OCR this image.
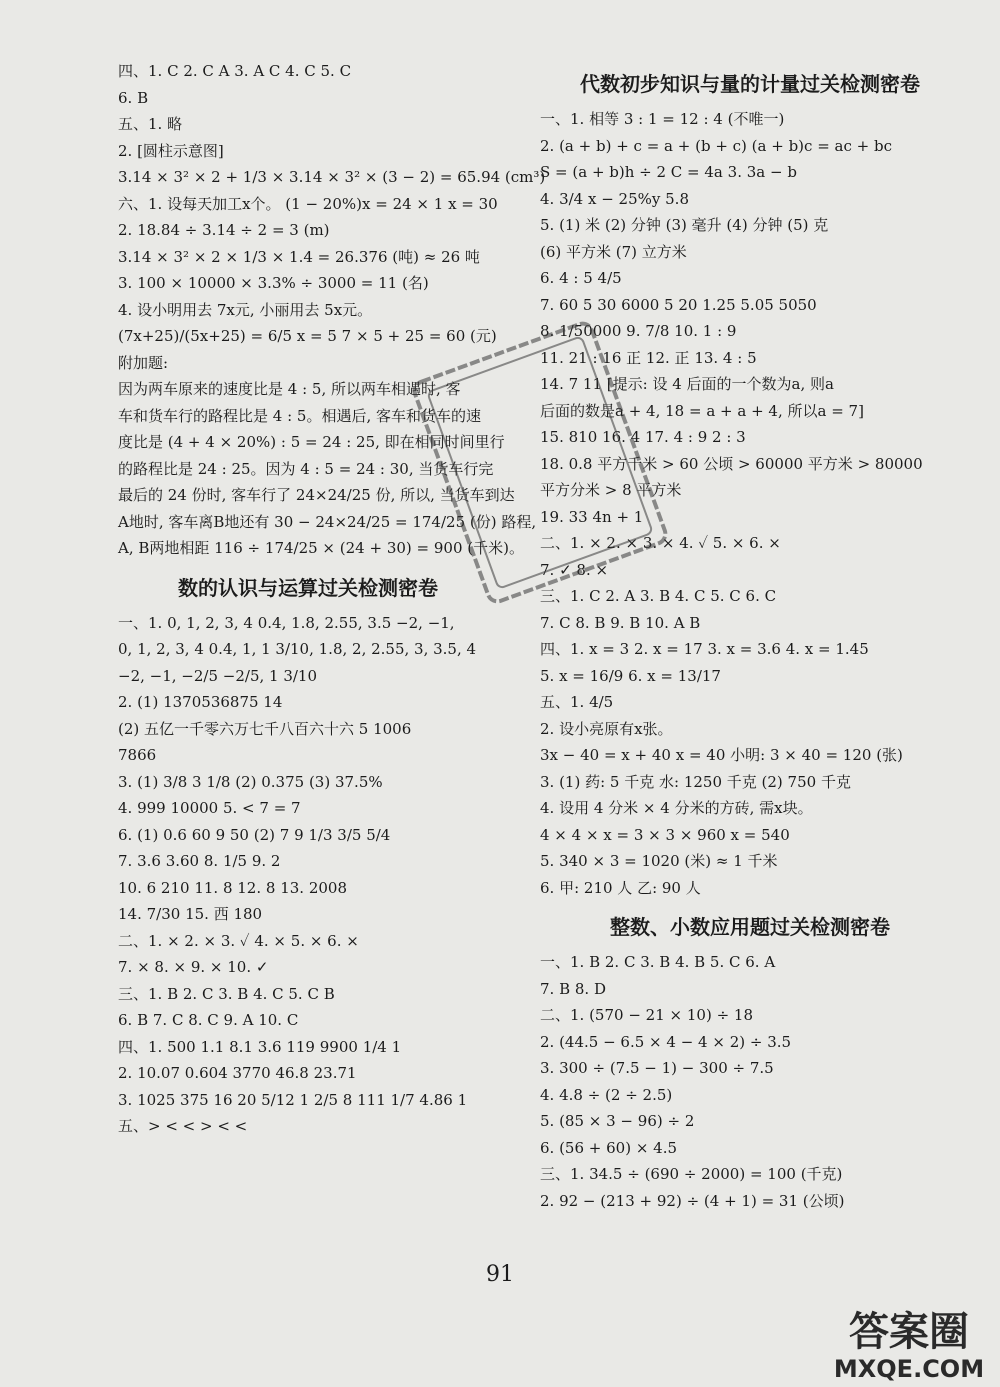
四、1. C 2. C A 3. A C 4. C 5. C
6. B
五、1. 略
2. [圆柱示意图]
3.14 × 3² × 2 + 1/3 × 3.14 × 3² × (3 − 2) = 65.94 (cm³)
六、1. 设每天加工x个。 (1 − 20%)x = 24 × 1 x = 30
2. 18.84 ÷ 3.14 ÷ 2 = 3 (m)
3.14 × 3² × 2 × 1/3 × 1.4 = 26.376 (吨) ≈ 26 吨
3. 100 × 10000 × 3.3% ÷ 3000 = 11 (名)
4. 设小明用去 7x元, 小丽用去 5x元。
(7x+25)/(5x+25) = 6/5 x = 5 7 × 5 + 25 = 60 (元)
附加题:
因为两车原来的速度比是 4 : 5, 所以两车相遇时, 客
车和货车行的路程比是 4 : 5。相遇后, 客车和货车的速
度比是 (4 + 4 × 20%) : 5 = 24 : 25, 即在相同时间里行
的路程比是 24 : 25。因为 4 : 5 = 24 : 30, 当货车行完
最后的 24 份时, 客车行了 24×24/25 份, 所以, 当货车到达
A地时, 客车离B地还有 30 − 24×24/25 = 174/25 (份) 路程,
A, B两地相距 116 ÷ 174/25 × (24 + 30) = 900 (千米)。
数的认识与运算过关检测密卷
一、1. 0, 1, 2, 3, 4 0.4, 1.8, 2.55, 3.5 −2, −1,
0, 1, 2, 3, 4 0.4, 1, 1 3/10, 1.8, 2, 2.55, 3, 3.5, 4
−2, −1, −2/5 −2/5, 1 3/10
2. (1) 1370536875 14
(2) 五亿一千零六万七千八百六十六 5 1006
7866
3. (1) 3/8 3 1/8 (2) 0.375 (3) 37.5%
4. 999 10000 5. < 7 = 7
6. (1) 0.6 60 9 50 (2) 7 9 1/3 3/5 5/4
7. 3.6 3.60 8. 1/5 9. 2
10. 6 210 11. 8 12. 8 13. 2008
14. 7/30 15. 西 180
二、1. × 2. × 3. ✓ 4. × 5. × 6. ×
7. × 8. × 9. × 10. ✓
三、1. B 2. C 3. B 4. C 5. C B
6. B 7. C 8. C 9. A 10. C
四、1. 500 1.1 8.1 3.6 119 9900 1/4 1
2. 10.07 0.604 3770 46.8 23.71
3. 1025 375 16 20 5/12 1 2/5 8 111 1/7 4.86 1
五、> < < > < <
代数初步知识与量的计量过关检测密卷
一、1. 相等 3 : 1 = 12 : 4 (不唯一)
2. (a + b) + c = a + (b + c) (a + b)c = ac + bc
S = (a + b)h ÷ 2 C = 4a 3. 3a − b
4. 3/4 x − 25%y 5.8
5. (1) 米 (2) 分钟 (3) 毫升 (4) 分钟 (5) 克
(6) 平方米 (7) 立方米
6. 4 : 5 4/5
7. 60 5 30 6000 5 20 1.25 5.05 5050
8. 1/50000 9. 7/8 10. 1 : 9
11. 21 : 16 正 12. 正 13. 4 : 5
14. 7 11 [提示: 设 4 后面的一个数为a, 则a
后面的数是a + 4, 18 = a + a + 4, 所以a = 7]
15. 810 16. 4 17. 4 : 9 2 : 3
18. 0.8 平方千米 > 60 公顷 > 60000 平方米 > 80000
平方分米 > 8 平方米
19. 33 4n + 1
二、1. × 2. × 3. × 4. ✓ 5. × 6. ×
7. ✓ 8. ×
三、1. C 2. A 3. B 4. C 5. C 6. C
7. C 8. B 9. B 10. A B
四、1. x = 3 2. x = 17 3. x = 3.6 4. x = 1.45
5. x = 16/9 6. x = 13/17
五、1. 4/5
2. 设小亮原有x张。
3x − 40 = x + 40 x = 40 小明: 3 × 40 = 120 (张)
3. (1) 药: 5 千克 水: 1250 千克 (2) 750 千克
4. 设用 4 分米 × 4 分米的方砖, 需x块。
4 × 4 × x = 3 × 3 × 960 x = 540
5. 340 × 3 = 1020 (米) ≈ 1 千米
6. 甲: 210 人 乙: 90 人
整数、小数应用题过关检测密卷
一、1. B 2. C 3. B 4. B 5. C 6. A
7. B 8. D
二、1. (570 − 21 × 10) ÷ 18
2. (44.5 − 6.5 × 4 − 4 × 2) ÷ 3.5
3. 300 ÷ (7.5 − 1) − 300 ÷ 7.5
4. 4.8 ÷ (2 ÷ 2.5)
5. (85 × 3 − 96) ÷ 2
6. (56 + 60) × 4.5
三、1. 34.5 ÷ (690 ÷ 2000) = 100 (千克)
2. 92 − (213 + 92) ÷ (4 + 1) = 31 (公顷)
91
答案圈
MXQE.COM
